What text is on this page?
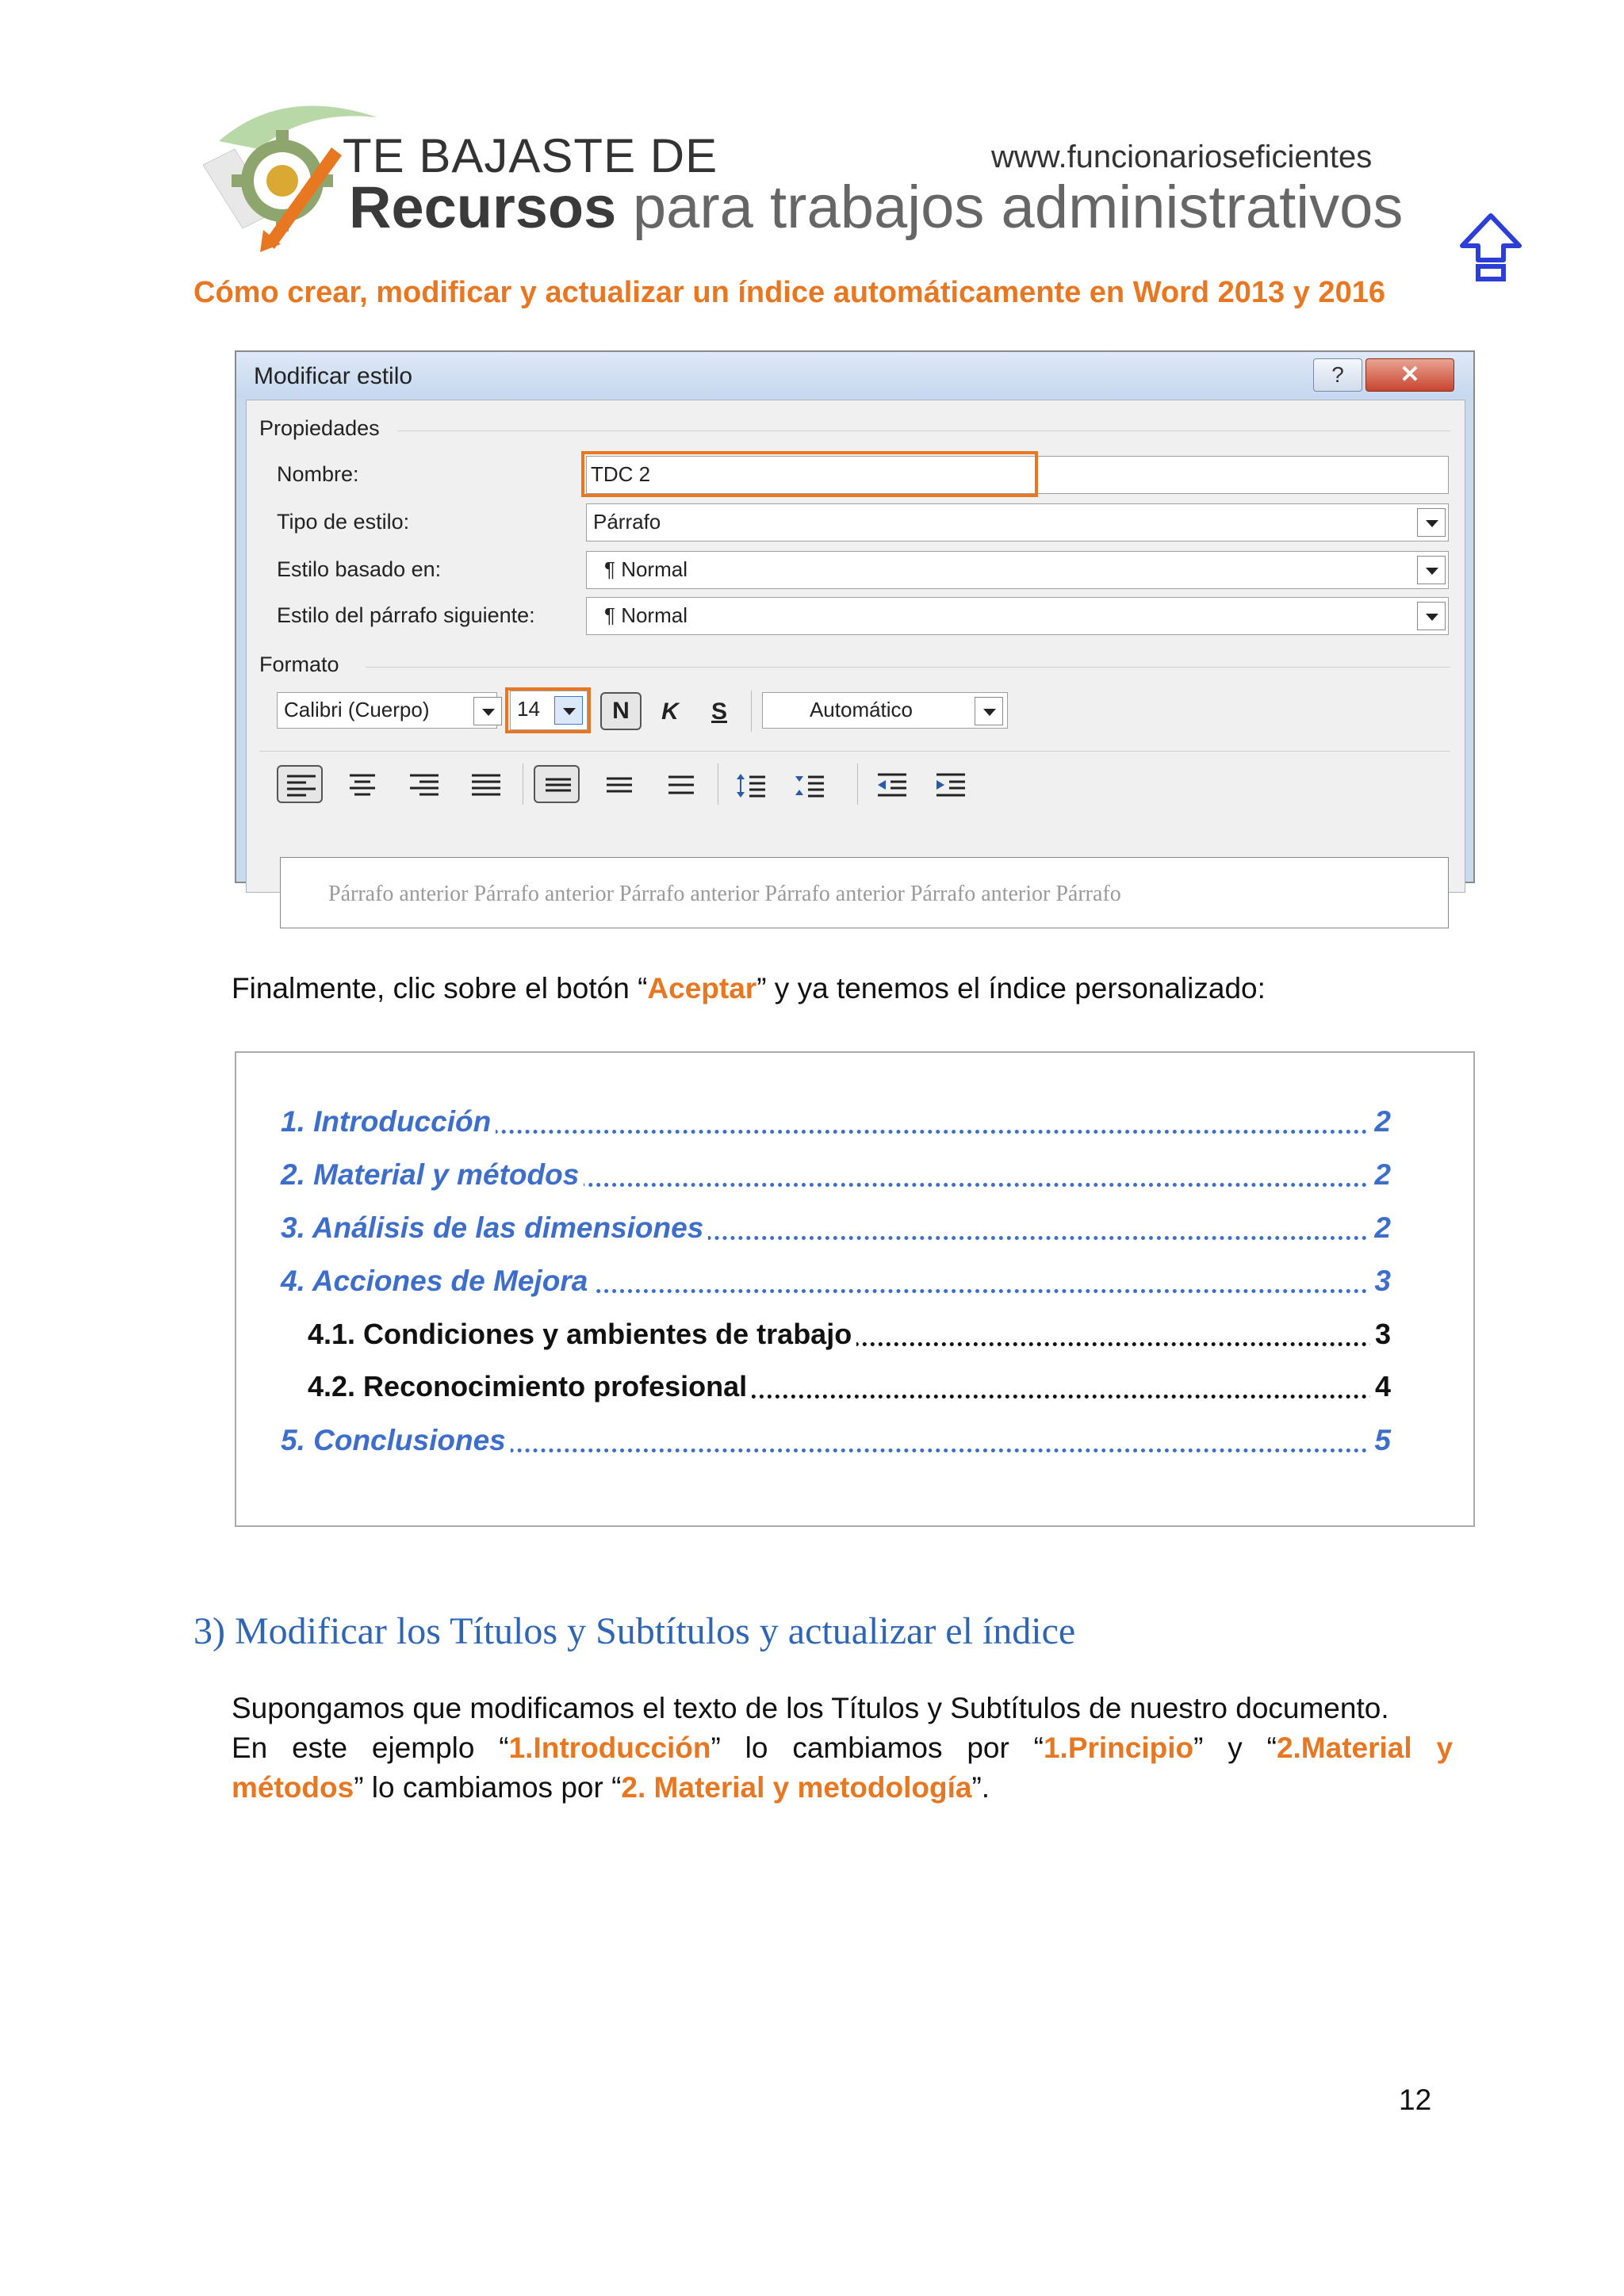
TE BAJASTE DE
Recursos para trabajos administrativos
www.funcionarioseficientes
Cómo crear, modificar y actualizar un índice automáticamente en Word 2013 y 2016
Modificar estilo	?	✕
Propiedades
Nombre:	TDC 2
Tipo de estilo:	Párrafo
Estilo basado en:	¶ Normal
Estilo del párrafo siguiente:	¶ Normal
Formato
Calibri (Cuerpo)	14	N	K	S	Automático
Párrafo anterior Párrafo anterior Párrafo anterior Párrafo anterior Párrafo anterior Párrafo
Finalmente, clic sobre el botón “Aceptar” y ya tenemos el índice personalizado:
1. Introducción	2
2. Material y métodos	2
3. Análisis de las dimensiones	2
4. Acciones de Mejora	3
4.1. Condiciones y ambientes de trabajo	3
4.2. Reconocimiento profesional	4
5. Conclusiones	5
3) Modificar los Títulos y Subtítulos y actualizar el índice
Supongamos que modificamos el texto de los Títulos y Subtítulos de nuestro documento.
En   este   ejemplo   “1.Introducción”   lo   cambiamos   por   “1.Principio”   y   “2.Material   y
métodos” lo cambiamos por “2. Material y metodología”.
12
